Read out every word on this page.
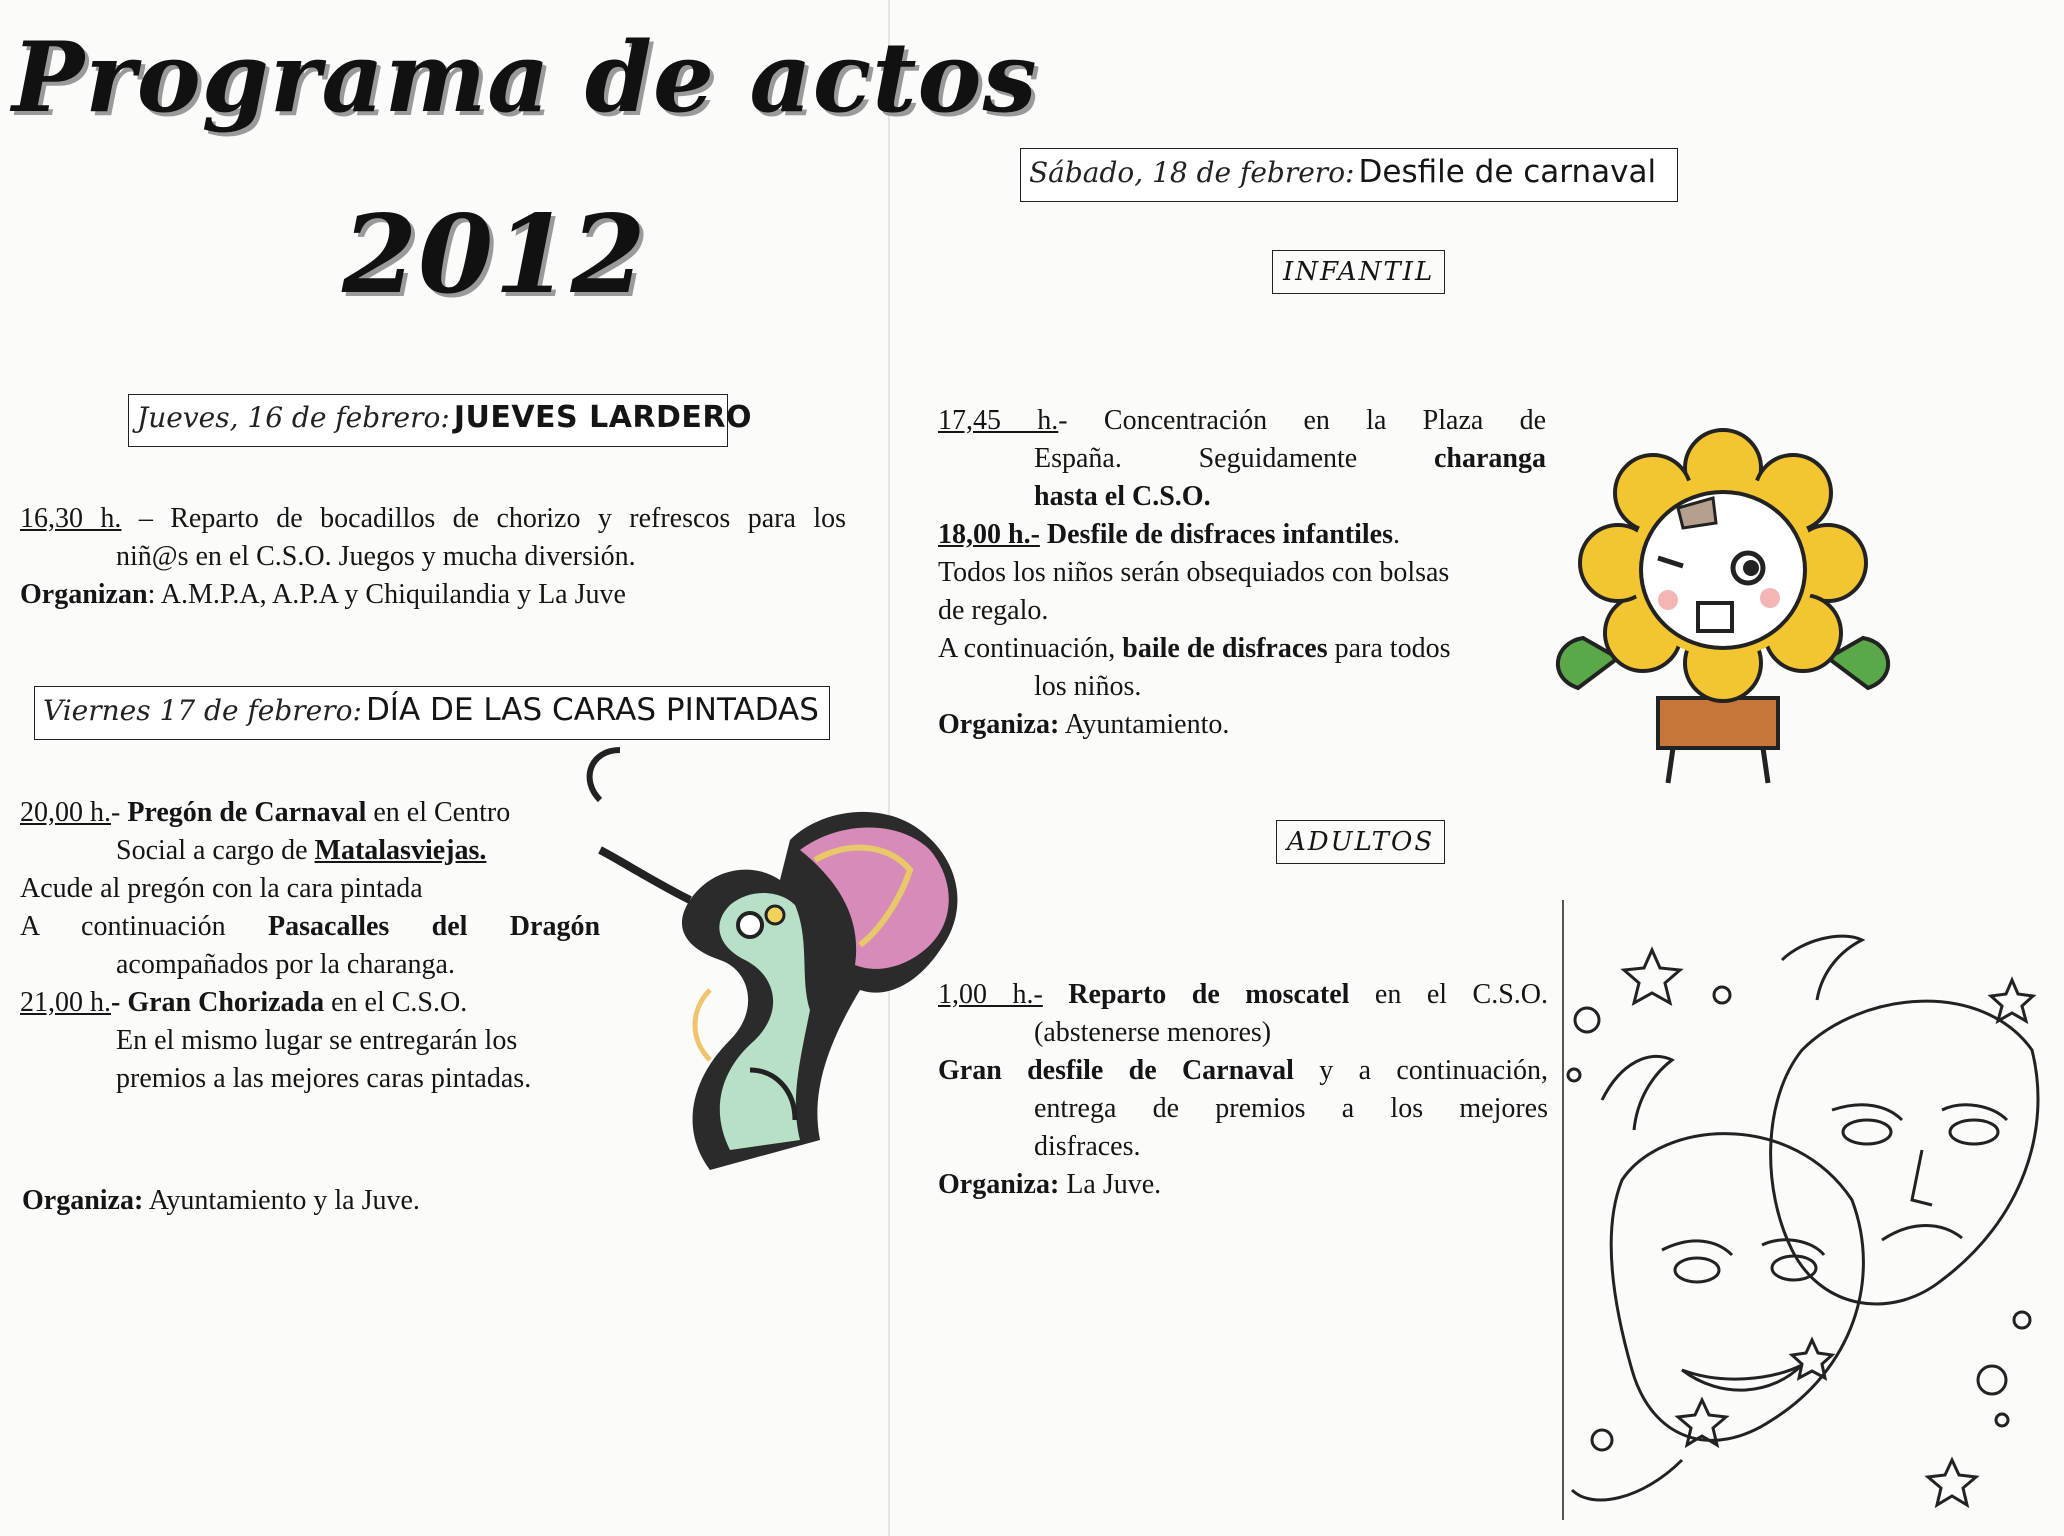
Programa de actos
2012
Jueves, 16 de febrero: JUEVES LARDERO
16,30 h. – Reparto de bocadillos de chorizo y refrescos para los
niñ@s en el C.S.O. Juegos y mucha diversión.
Organizan: A.M.P.A, A.P.A y Chiquilandia y La Juve
Viernes 17 de febrero: DÍA DE LAS CARAS PINTADAS
20,00 h.- Pregón de Carnaval en el Centro
Social a cargo de Matalasviejas.
Acude al pregón con la cara pintada
A continuación Pasacalles del Dragón
acompañados por la charanga.
21,00 h.- Gran Chorizada en el C.S.O.
En el mismo lugar se entregarán los
premios a las mejores caras pintadas.
Organiza: Ayuntamiento y la Juve.
Sábado, 18 de febrero: Desfile de carnaval
INFANTIL
17,45 h.- Concentración en la Plaza de
España. Seguidamente	charanga
hasta el C.S.O.
18,00 h.- Desfile de disfraces infantiles.
Todos los niños serán obsequiados con bolsas
de regalo.
A continuación, baile de disfraces para todos
los niños.
Organiza: Ayuntamiento.
ADULTOS
1,00 h.- Reparto de moscatel en el C.S.O.
(abstenerse menores)
Gran desfile de Carnaval y a continuación,
entrega de premios a los mejores
disfraces.
Organiza: La Juve.
